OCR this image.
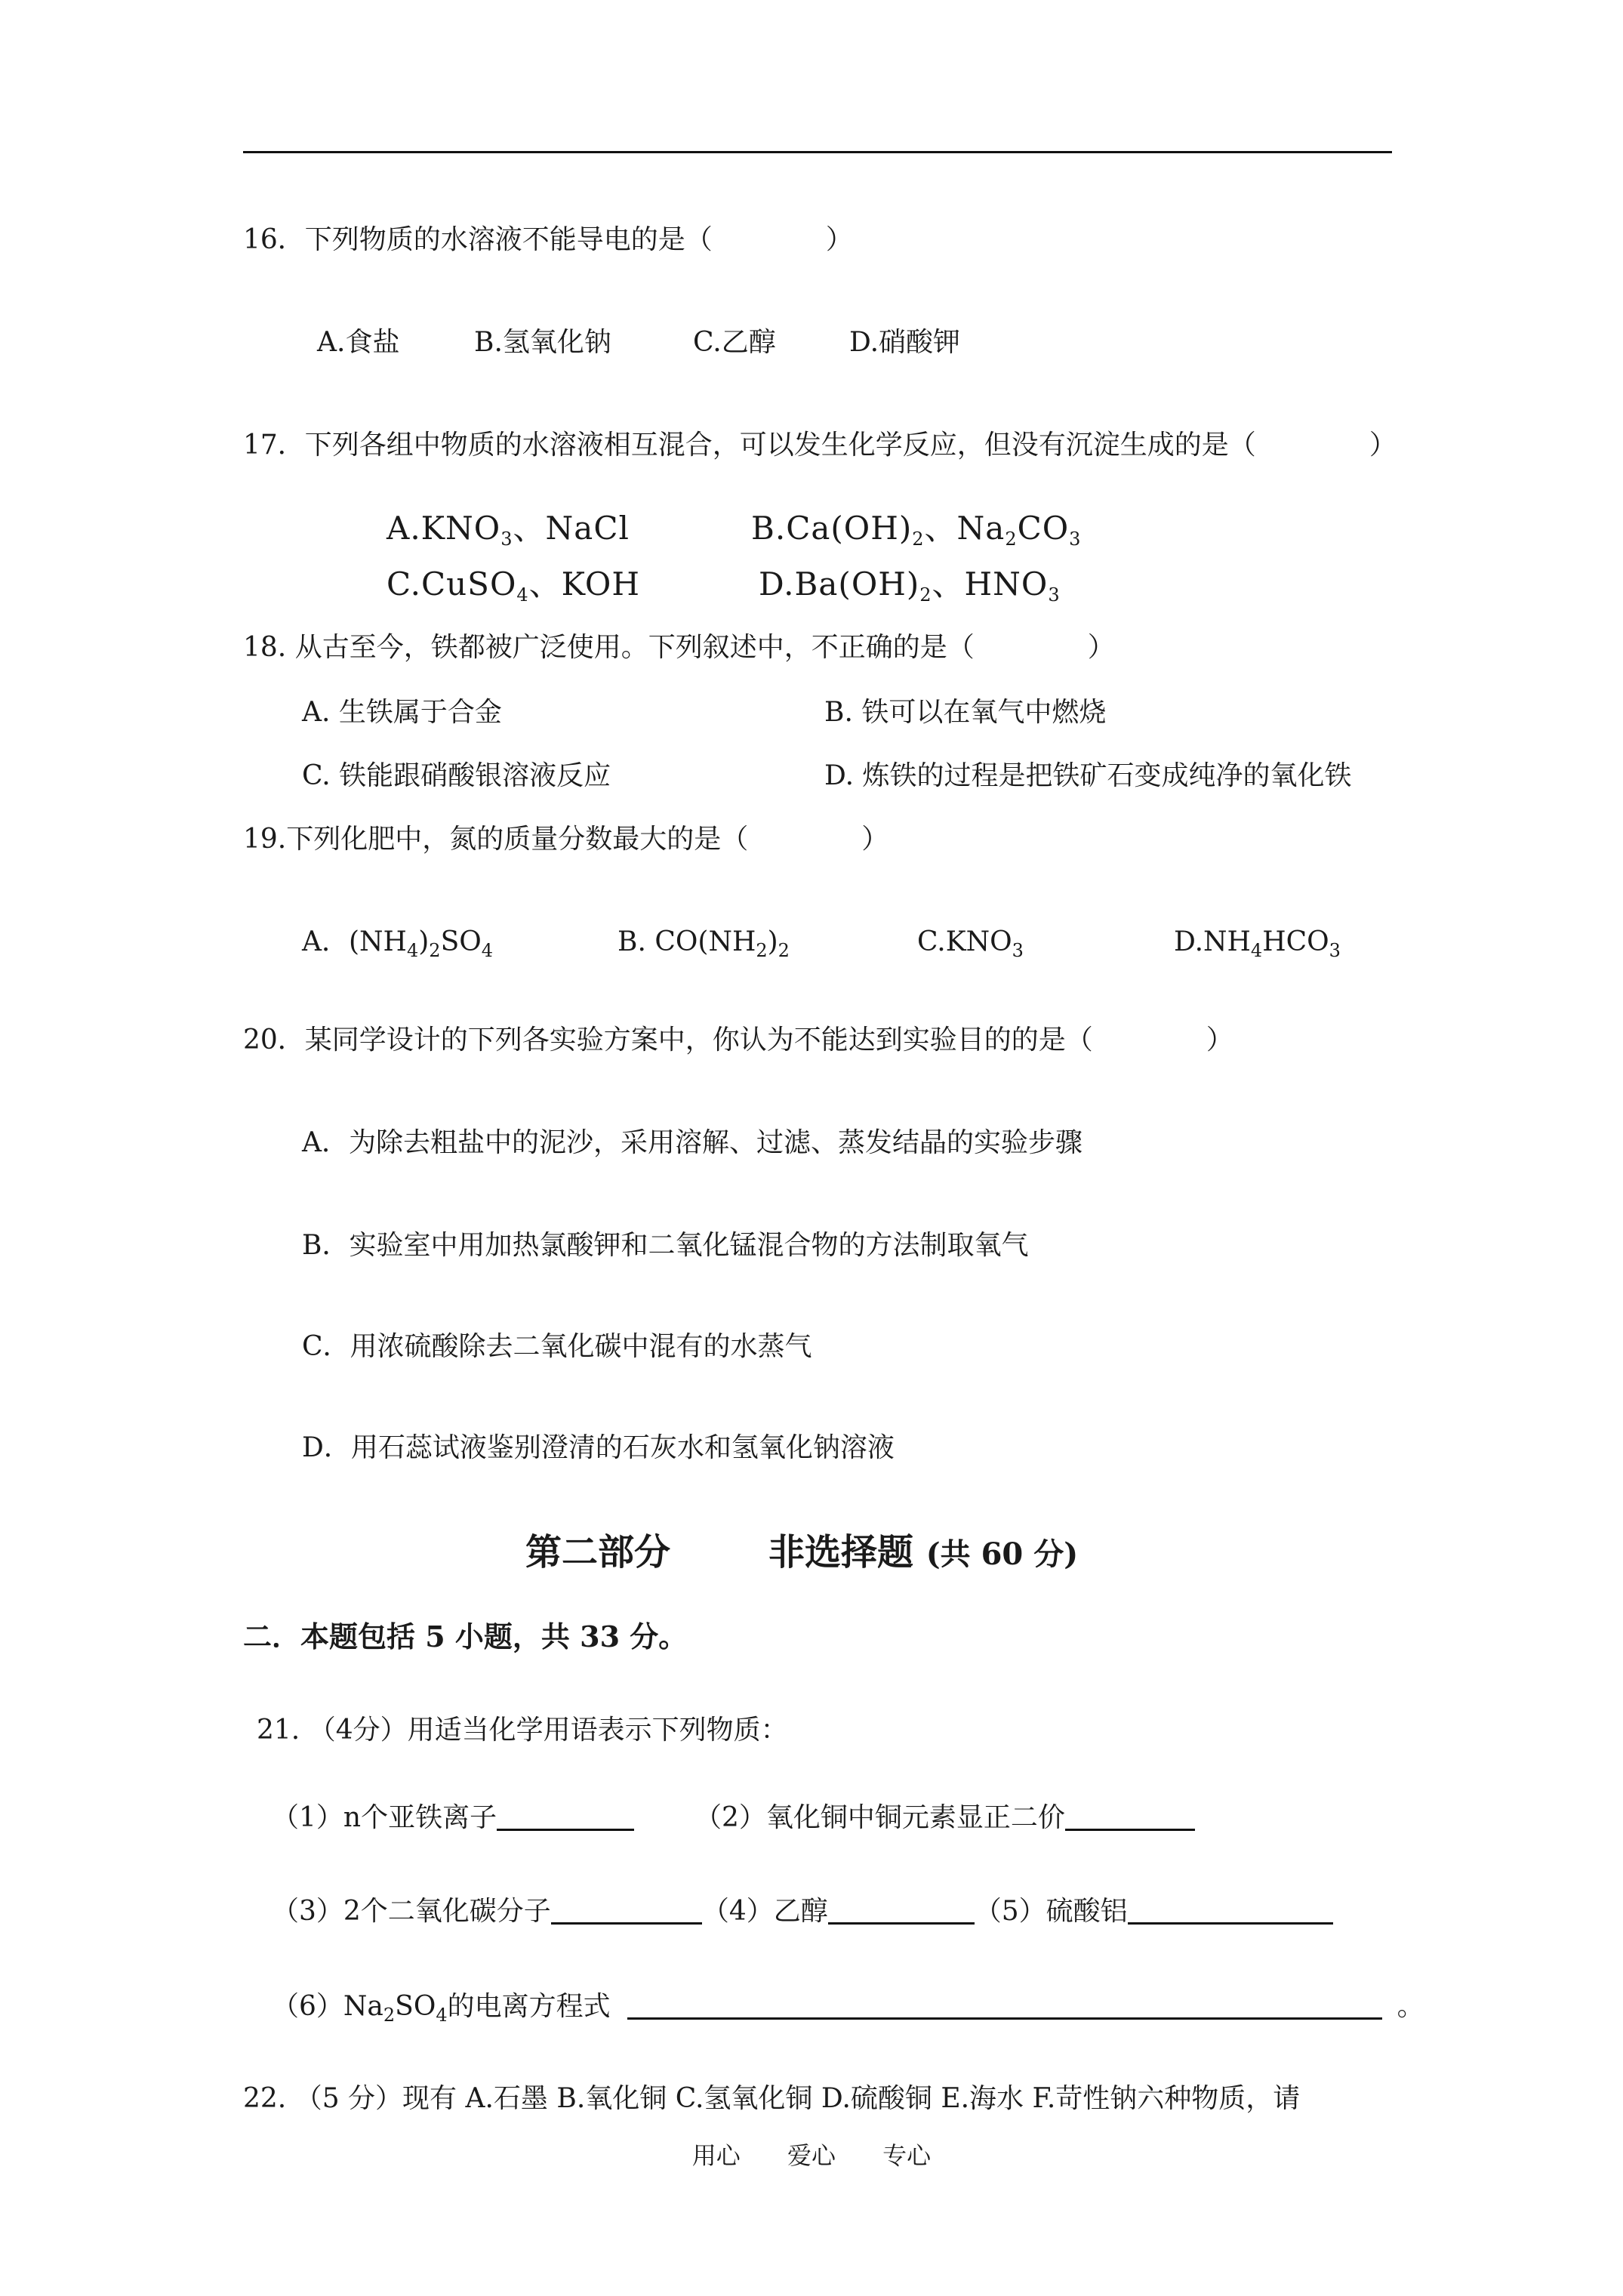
16．下列物质的水溶液不能导电的是（	）
A.食盐	B.氢氧化钠	C.乙醇	D.硝酸钾
17．下列各组中物质的水溶液相互混合，可以发生化学反应，但没有沉淀生成的是（	）
$A.KNO_3$、NaCl	$B.Ca(OH)_2$、$Na_2CO_3$
C.CuSO$_4$、KOH	$D.Ba(OH)_2$、$HNO_3$
18. 从古至今，铁都被广泛使用。下列叙述中，不正确的是（	）
A. 生铁属于合金	B. 铁可以在氧气中燃烧
C. 铁能跟硝酸银溶液反应	D. 炼铁的过程是把铁矿石变成纯净的氧化铁
19.下列化肥中，氮的质量分数最大的是（	）
A．$(NH_4)_2SO_4$	B. $CO(NH_2)_2$	$C.KNO_3$	$D.NH_4HCO_3$
20．某同学设计的下列各实验方案中，你认为不能达到实验目的的是（	）
A．为除去粗盐中的泥沙，采用溶解、过滤、蒸发结晶的实验步骤
B．实验室中用加热氯酸钾和二氧化锰混合物的方法制取氧气
C．用浓硫酸除去二氧化碳中混有的水蒸气
D．用石蕊试液鉴别澄清的石灰水和氢氧化钠溶液
第二部分	非选择题 (共 60 分)
二．本题包括 5 小题，共 33 分。
21. （4分）用适当化学用语表示下列物质：
（1）n个亚铁离子	（2）氧化铜中铜元素显正二价
（3）2个二氧化碳分子	（4）乙醇	（5）硫酸铝
$(6)Na_2SO_4$的电离方程式	。
22. （5 分）现有 A.石墨 B.氧化铜 C.氢氧化铜 D.硫酸铜 E.海水 F.苛性钠六种物质，请
用心 爱心 专心
